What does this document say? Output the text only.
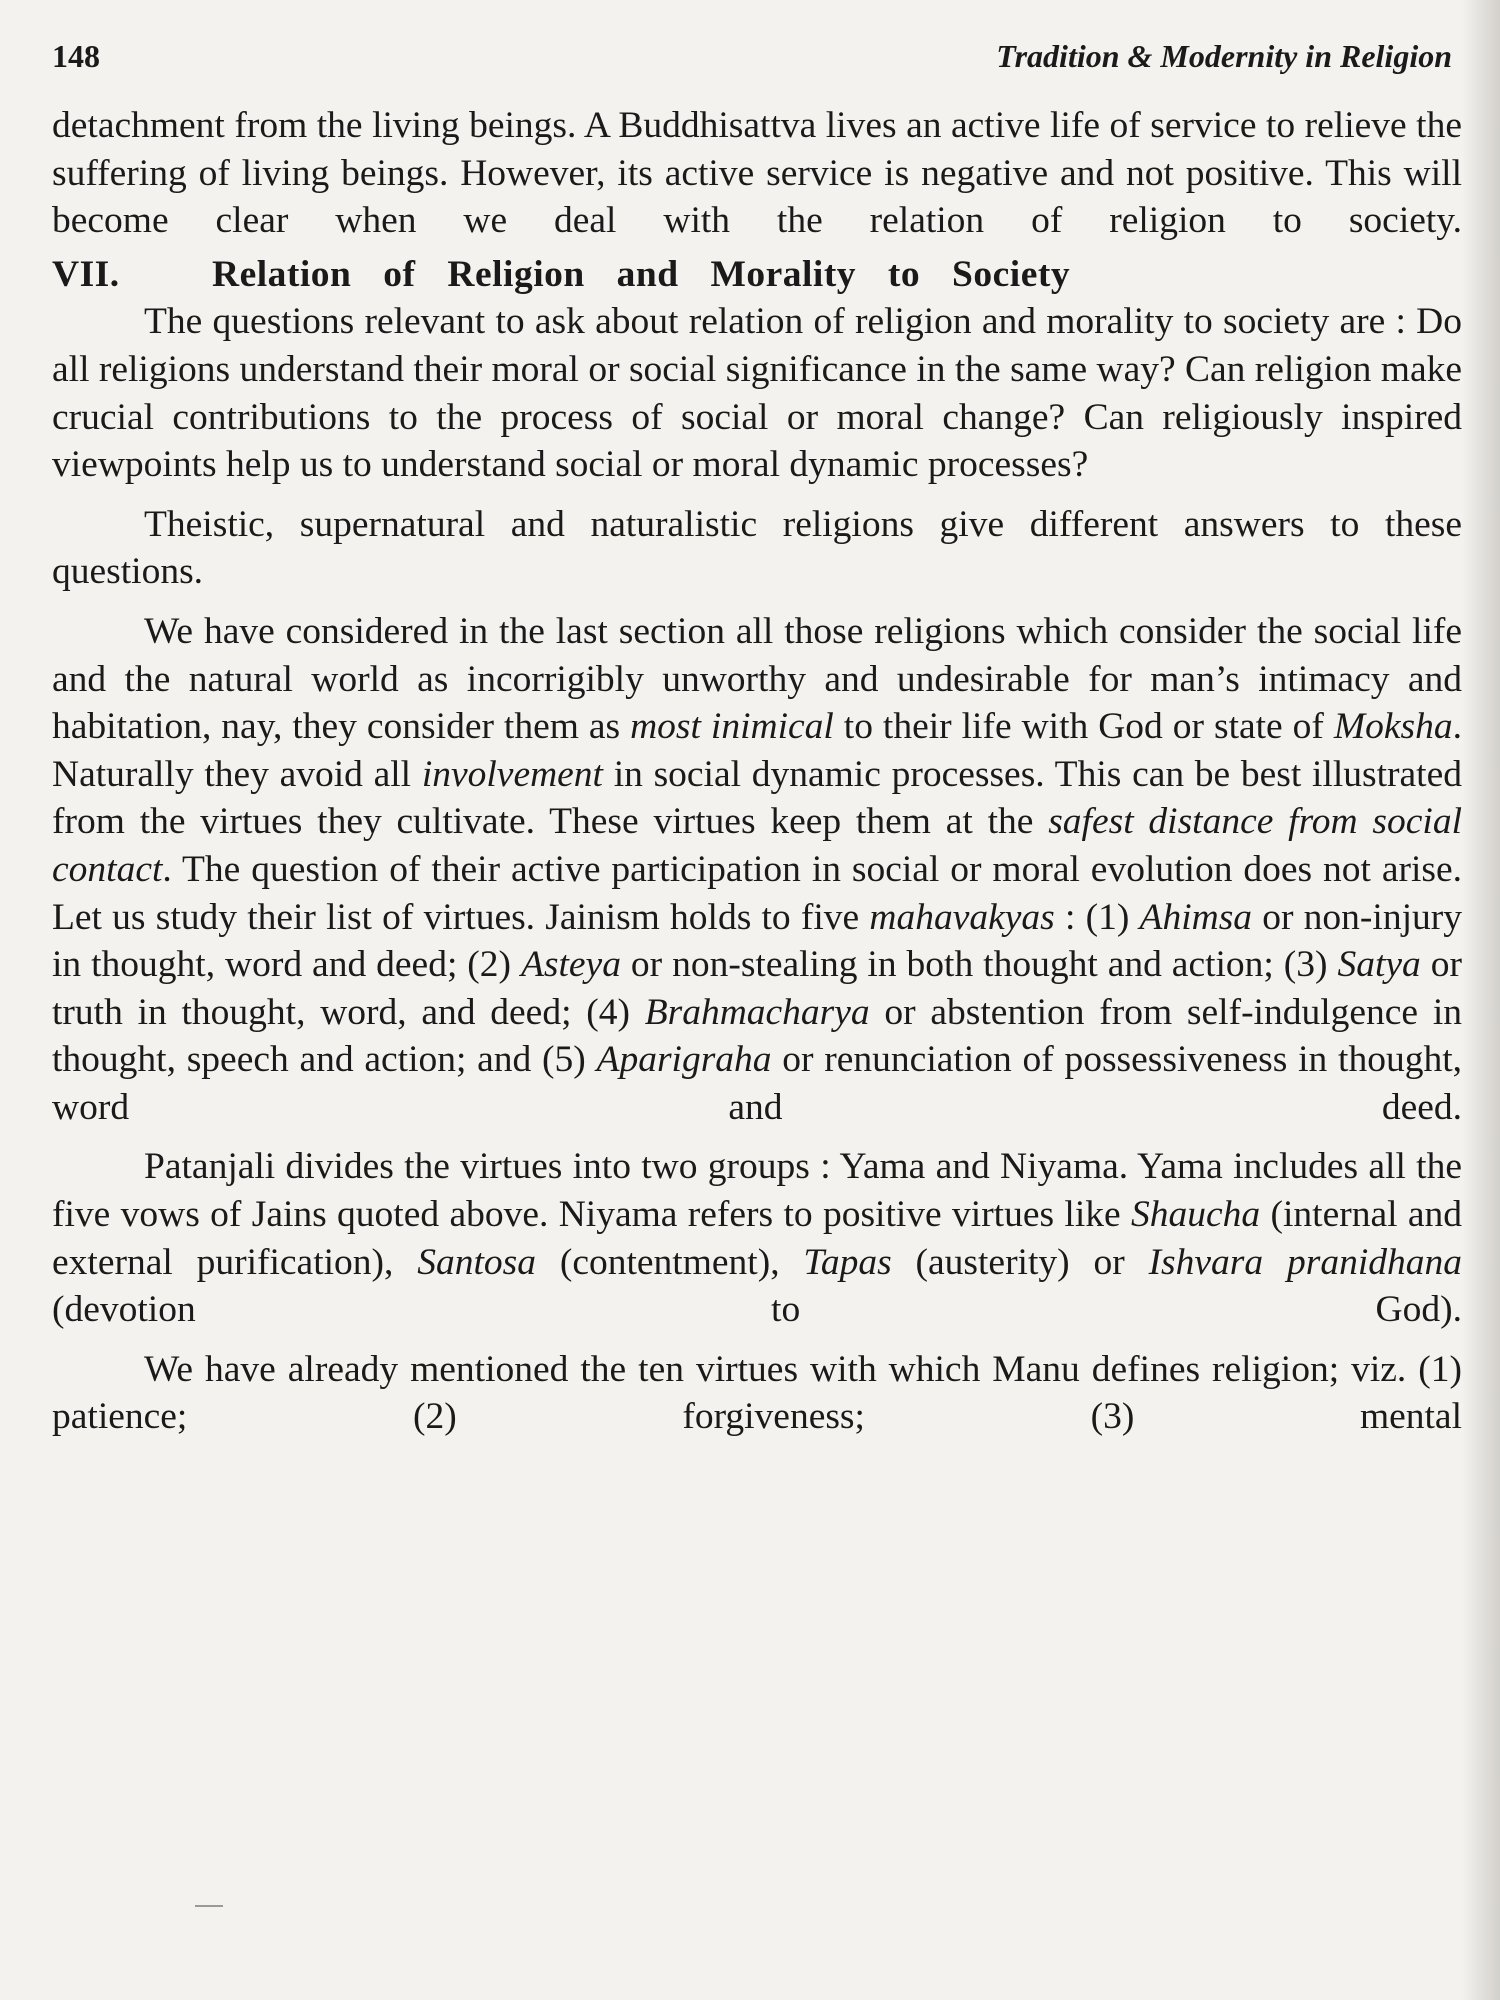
148	Tradition & Modernity in Religion

detachment from the living beings. A Buddhisattva lives an active life of service to relieve the suffering of living beings. However, its active service is negative and not positive. This will become clear when we deal with the relation of religion to society.

VII.	Relation of Religion and Morality to Society

The questions relevant to ask about relation of religion and morality to society are : Do all religions understand their moral or social significance in the same way? Can religion make crucial contributions to the process of social or moral change? Can religiously inspired viewpoints help us to understand social or moral dynamic processes?

Theistic, supernatural and naturalistic religions give different answers to these questions.

We have considered in the last section all those religions which consider the social life and the natural world as incorrigibly unworthy and undesirable for man’s intimacy and habitation, nay, they consider them as most inimical to their life with God or state of Moksha. Naturally they avoid all involvement in social dynamic processes. This can be best illustrated from the virtues they cultivate. These virtues keep them at the safest distance from social contact. The question of their active participation in social or moral evolution does not arise. Let us study their list of virtues. Jainism holds to five mahavakyas : (1) Ahimsa or non-injury in thought, word and deed; (2) Asteya or non-stealing in both thought and action; (3) Satya or truth in thought, word, and deed; (4) Brahmacharya or abstention from self-indulgence in thought, speech and action; and (5) Aparigraha or renunciation of possessiveness in thought, word and deed.

Patanjali divides the virtues into two groups : Yama and Niyama. Yama includes all the five vows of Jains quoted above. Niyama refers to positive virtues like Shaucha (internal and external purification), Santosa (contentment), Tapas (austerity) or Ishvara pranidhana (devotion to God).

We have already mentioned the ten virtues with which Manu defines religion; viz. (1) patience; (2) forgiveness; (3) mental
